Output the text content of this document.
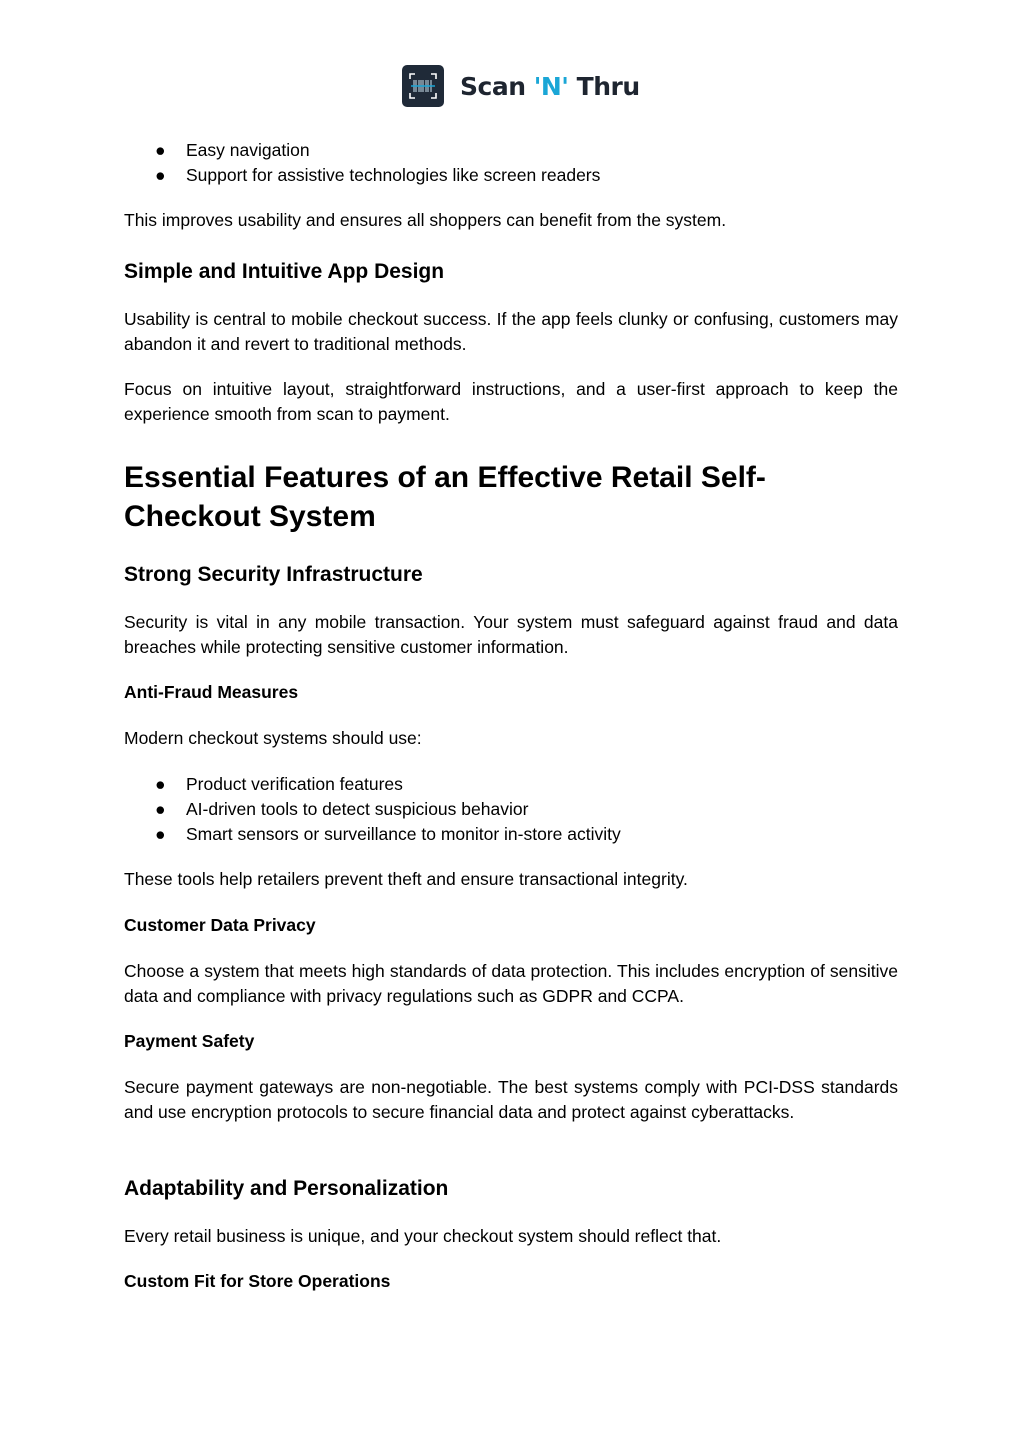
Scan 'N' Thru
● Easy navigation
● Support for assistive technologies like screen readers

This improves usability and ensures all shoppers can benefit from the system.

Simple and Intuitive App Design

Usability is central to mobile checkout success. If the app feels clunky or confusing, customers may abandon it and revert to traditional methods.

Focus on intuitive layout, straightforward instructions, and a user-first approach to keep the experience smooth from scan to payment.

Essential Features of an Effective Retail Self-Checkout System
Strong Security Infrastructure

Security is vital in any mobile transaction. Your system must safeguard against fraud and data breaches while protecting sensitive customer information.

Anti-Fraud Measures

Modern checkout systems should use:

● Product verification features
● AI-driven tools to detect suspicious behavior
● Smart sensors or surveillance to monitor in-store activity

These tools help retailers prevent theft and ensure transactional integrity.

Customer Data Privacy

Choose a system that meets high standards of data protection. This includes encryption of sensitive data and compliance with privacy regulations such as GDPR and CCPA.

Payment Safety

Secure payment gateways are non-negotiable. The best systems comply with PCI-DSS standards and use encryption protocols to secure financial data and protect against cyberattacks.

Adaptability and Personalization

Every retail business is unique, and your checkout system should reflect that.

Custom Fit for Store Operations
